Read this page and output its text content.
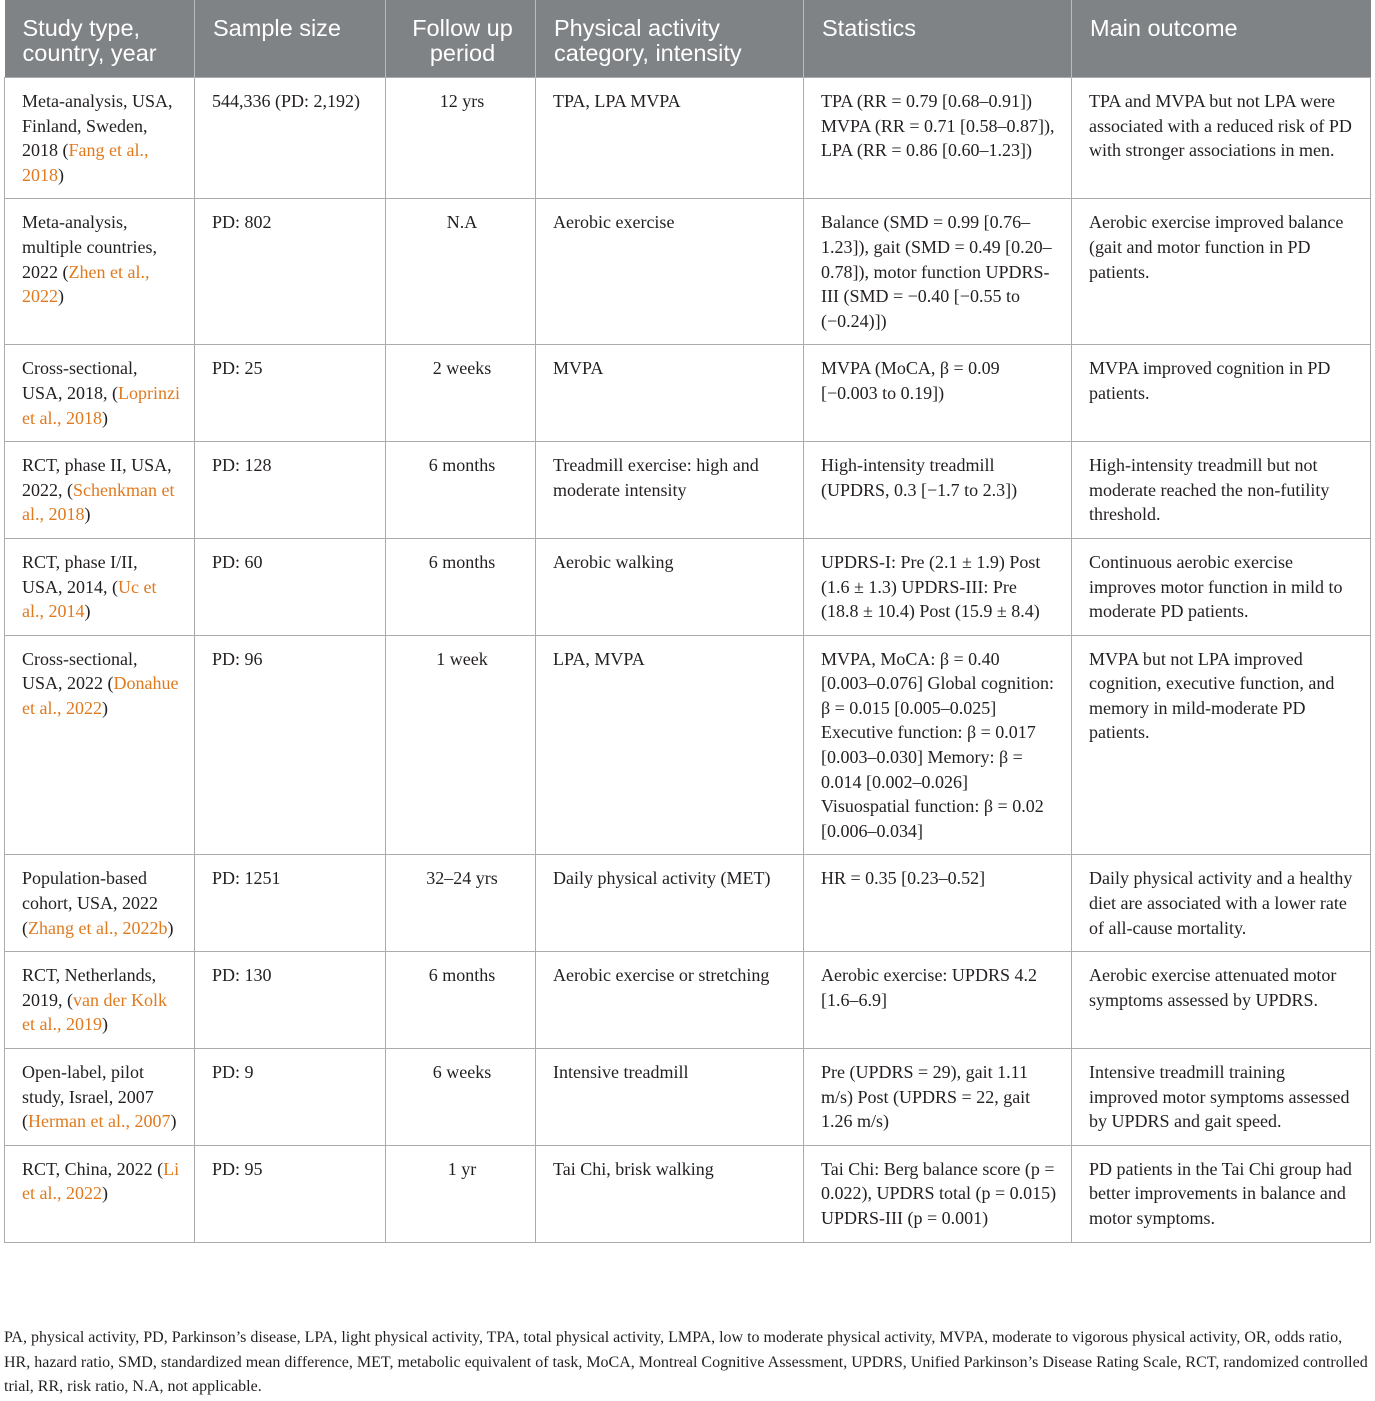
Study type, country, year	Sample size	Follow up period	Physical activity category, intensity	Statistics	Main outcome
Meta-analysis, USA, Finland, Sweden, 2018 (Fang et al., 2018)	544,336 (PD: 2,192)	12 yrs	TPA, LPA MVPA	TPA (RR = 0.79 [0.68–0.91]) MVPA (RR = 0.71 [0.58–0.87]), LPA (RR = 0.86 [0.60–1.23])	TPA and MVPA but not LPA were associated with a reduced risk of PD with stronger associations in men.
Meta-analysis, multiple countries, 2022 (Zhen et al., 2022)	PD: 802	N.A	Aerobic exercise	Balance (SMD = 0.99 [0.76–1.23]), gait (SMD = 0.49 [0.20–0.78]), motor function UPDRS-III (SMD = −0.40 [−0.55 to (−0.24)])	Aerobic exercise improved balance (gait and motor function in PD patients.
Cross-sectional, USA, 2018, (Loprinzi et al., 2018)	PD: 25	2 weeks	MVPA	MVPA (MoCA, β = 0.09 [−0.003 to 0.19])	MVPA improved cognition in PD patients.
RCT, phase II, USA, 2022, (Schenkman et al., 2018)	PD: 128	6 months	Treadmill exercise: high and moderate intensity	High-intensity treadmill (UPDRS, 0.3 [−1.7 to 2.3])	High-intensity treadmill but not moderate reached the non-futility threshold.
RCT, phase I/II, USA, 2014, (Uc et al., 2014)	PD: 60	6 months	Aerobic walking	UPDRS-I: Pre (2.1 ± 1.9) Post (1.6 ± 1.3) UPDRS-III: Pre (18.8 ± 10.4) Post (15.9 ± 8.4)	Continuous aerobic exercise improves motor function in mild to moderate PD patients.
Cross-sectional, USA, 2022 (Donahue et al., 2022)	PD: 96	1 week	LPA, MVPA	MVPA, MoCA: β = 0.40 [0.003–0.076] Global cognition: β = 0.015 [0.005–0.025] Executive function: β = 0.017 [0.003–0.030] Memory: β = 0.014 [0.002–0.026] Visuospatial function: β = 0.02 [0.006–0.034]	MVPA but not LPA improved cognition, executive function, and memory in mild-moderate PD patients.
Population-based cohort, USA, 2022 (Zhang et al., 2022b)	PD: 1251	32–24 yrs	Daily physical activity (MET)	HR = 0.35 [0.23–0.52]	Daily physical activity and a healthy diet are associated with a lower rate of all-cause mortality.
RCT, Netherlands, 2019, (van der Kolk et al., 2019)	PD: 130	6 months	Aerobic exercise or stretching	Aerobic exercise: UPDRS 4.2 [1.6–6.9]	Aerobic exercise attenuated motor symptoms assessed by UPDRS.
Open-label, pilot study, Israel, 2007 (Herman et al., 2007)	PD: 9	6 weeks	Intensive treadmill	Pre (UPDRS = 29), gait 1.11 m/s) Post (UPDRS = 22, gait 1.26 m/s)	Intensive treadmill training improved motor symptoms assessed by UPDRS and gait speed.
RCT, China, 2022 (Li et al., 2022)	PD: 95	1 yr	Tai Chi, brisk walking	Tai Chi: Berg balance score (p = 0.022), UPDRS total (p = 0.015) UPDRS-III (p = 0.001)	PD patients in the Tai Chi group had better improvements in balance and motor symptoms.
PA, physical activity, PD, Parkinson’s disease, LPA, light physical activity, TPA, total physical activity, LMPA, low to moderate physical activity, MVPA, moderate to vigorous physical activity, OR, odds ratio, HR, hazard ratio, SMD, standardized mean difference, MET, metabolic equivalent of task, MoCA, Montreal Cognitive Assessment, UPDRS, Unified Parkinson’s Disease Rating Scale, RCT, randomized controlled trial, RR, risk ratio, N.A, not applicable.
